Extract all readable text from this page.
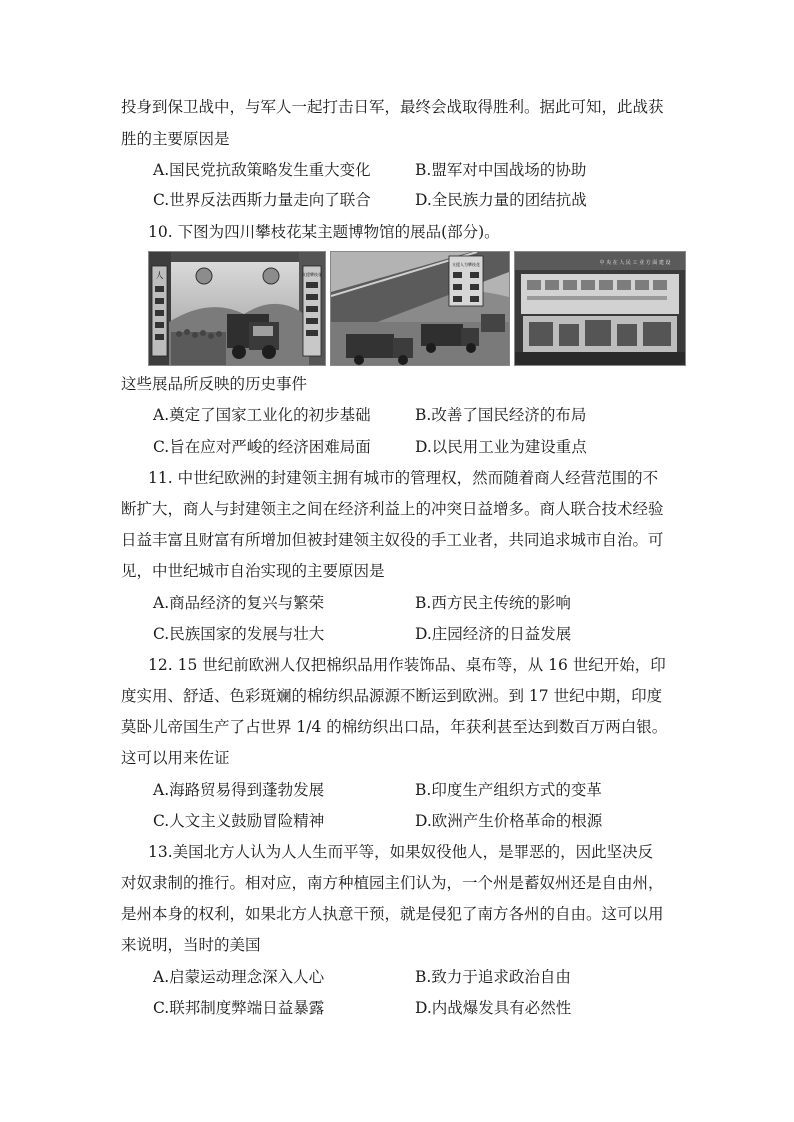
投身到保卫战中，与军人一起打击日军，最终会战取得胜利。据此可知，此战获
胜的主要原因是
A.国民党抗敌策略发生重大变化	B.盟军对中国战场的协助
C.世界反法西斯力量走向了联合	D.全民族力量的团结抗战
10. 下图为四川攀枝花某主题博物馆的展品(部分)。
人	支援攀枝花
支援人为攀枝花	中 央 在 人 民 工 业 方 面 建 设
这些展品所反映的历史事件
A.奠定了国家工业化的初步基础	B.改善了国民经济的布局
C.旨在应对严峻的经济困难局面	D.以民用工业为建设重点
11. 中世纪欧洲的封建领主拥有城市的管理权，然而随着商人经营范围的不
断扩大，商人与封建领主之间在经济利益上的冲突日益增多。商人联合技术经验
日益丰富且财富有所增加但被封建领主奴役的手工业者，共同追求城市自治。可
见，中世纪城市自治实现的主要原因是
A.商品经济的复兴与繁荣	B.西方民主传统的影响
C.民族国家的发展与壮大	D.庄园经济的日益发展
12. 15 世纪前欧洲人仅把棉织品用作装饰品、桌布等，从 16 世纪开始，印
度实用、舒适、色彩斑斓的棉纺织品源源不断运到欧洲。到 17 世纪中期，印度
莫卧儿帝国生产了占世界 1/4 的棉纺织出口品，年获利甚至达到数百万两白银。
这可以用来佐证
A.海路贸易得到蓬勃发展	B.印度生产组织方式的变革
C.人文主义鼓励冒险精神	D.欧洲产生价格革命的根源
13.美国北方人认为人人生而平等，如果奴役他人，是罪恶的，因此坚决反
对奴隶制的推行。相对应，南方种植园主们认为，一个州是蓄奴州还是自由州，
是州本身的权利，如果北方人执意干预，就是侵犯了南方各州的自由。这可以用
来说明，当时的美国
A.启蒙运动理念深入人心	B.致力于追求政治自由
C.联邦制度弊端日益暴露	D.内战爆发具有必然性
